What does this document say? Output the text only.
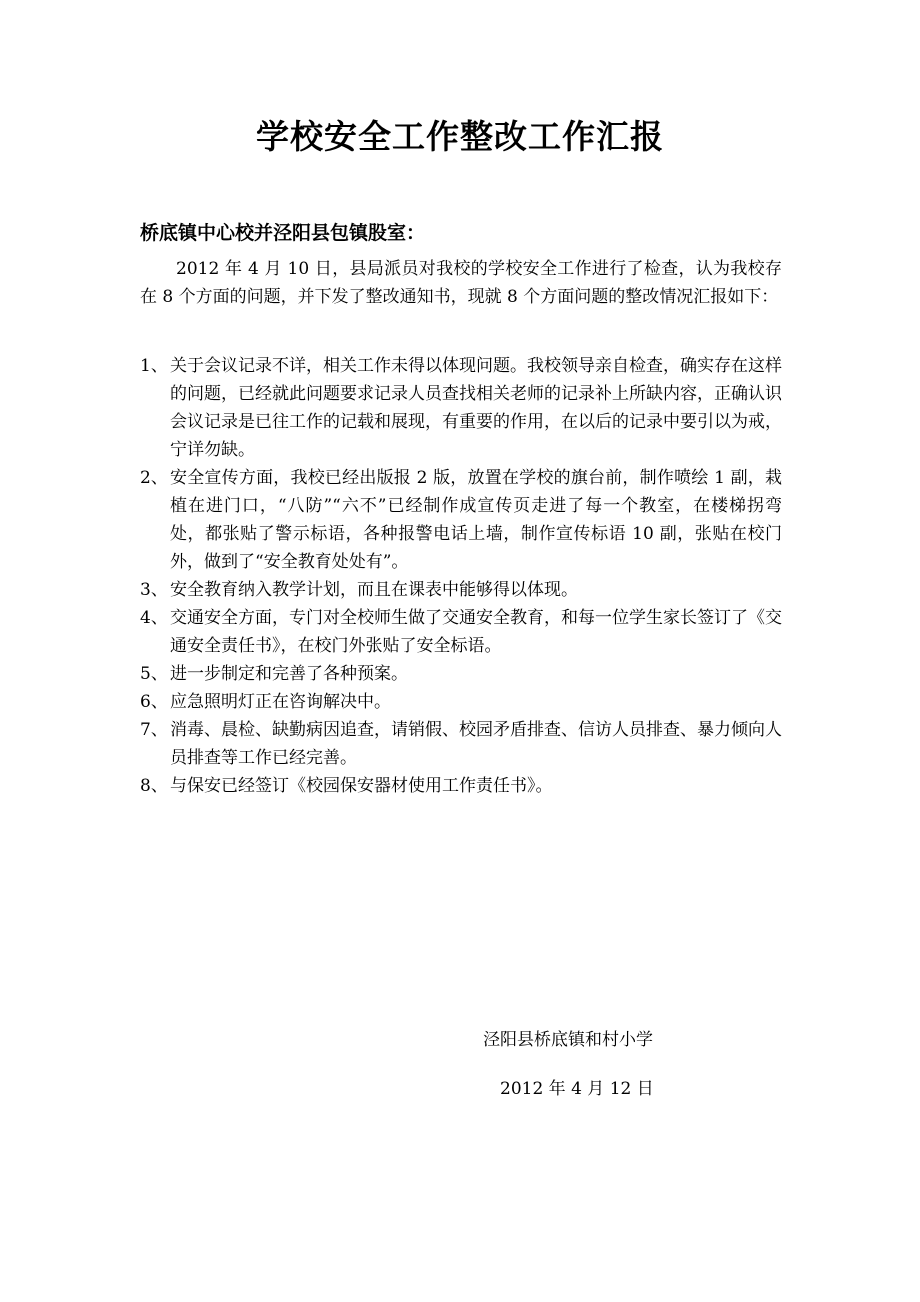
学校安全工作整改工作汇报

桥底镇中心校并泾阳县包镇股室：

2012 年 4 月 10 日，县局派员对我校的学校安全工作进行了检查，认为我校存在 8 个方面的问题，并下发了整改通知书，现就 8 个方面问题的整改情况汇报如下：

1、 关于会议记录不详，相关工作未得以体现问题。我校领导亲自检查，确实存在这样的问题，已经就此问题要求记录人员查找相关老师的记录补上所缺内容，正确认识会议记录是已往工作的记载和展现，有重要的作用，在以后的记录中要引以为戒，宁详勿缺。
2、 安全宣传方面，我校已经出版报 2 版，放置在学校的旗台前，制作喷绘 1 副，栽植在进门口，“八防”“六不”已经制作成宣传页走进了每一个教室，在楼梯拐弯处，都张贴了警示标语，各种报警电话上墙，制作宣传标语 10 副，张贴在校门外，做到了“安全教育处处有”。
3、 安全教育纳入教学计划，而且在课表中能够得以体现。
4、 交通安全方面，专门对全校师生做了交通安全教育，和每一位学生家长签订了《交通安全责任书》，在校门外张贴了安全标语。
5、 进一步制定和完善了各种预案。
6、 应急照明灯正在咨询解决中。
7、 消毒、晨检、缺勤病因追查，请销假、校园矛盾排查、信访人员排查、暴力倾向人员排查等工作已经完善。
8、 与保安已经签订《校园保安器材使用工作责任书》。

泾阳县桥底镇和村小学

2012 年 4 月 12 日
